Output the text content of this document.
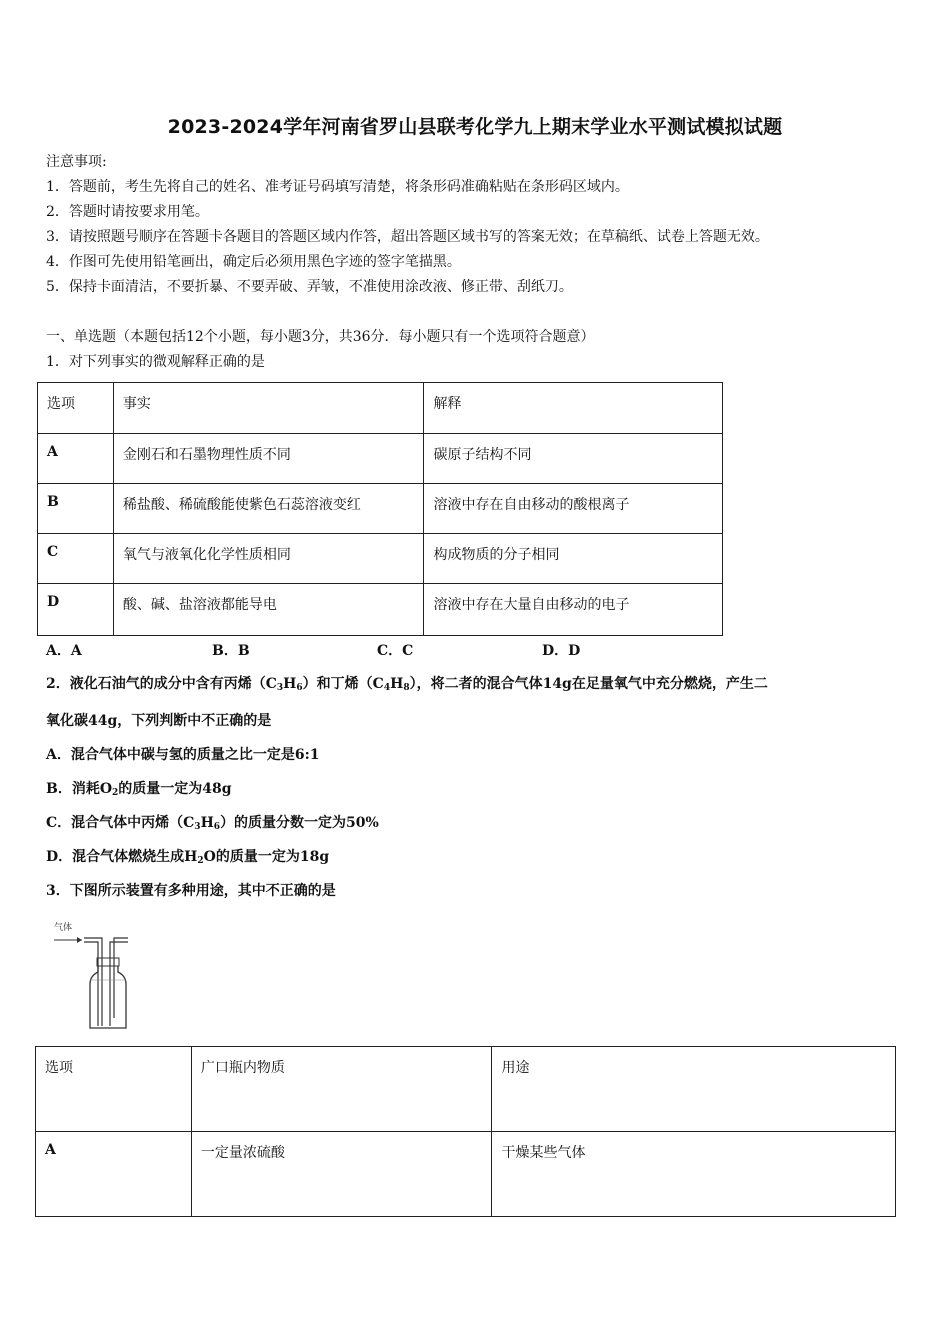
2023-2024学年河南省罗山县联考化学九上期末学业水平测试模拟试题
注意事项:
1．答题前，考生先将自己的姓名、准考证号码填写清楚，将条形码准确粘贴在条形码区域内。
2．答题时请按要求用笔。
3．请按照题号顺序在答题卡各题目的答题区域内作答，超出答题区域书写的答案无效；在草稿纸、试卷上答题无效。
4．作图可先使用铅笔画出，确定后必须用黑色字迹的签字笔描黑。
5．保持卡面清洁，不要折暴、不要弄破、弄皱，不准使用涂改液、修正带、刮纸刀。
一、单选题（本题包括12个小题，每小题3分，共36分．每小题只有一个选项符合题意）
1．对下列事实的微观解释正确的是
选项	事实	解释
A	金刚石和石墨物理性质不同	碳原子结构不同
B	稀盐酸、稀硫酸能使紫色石蕊溶液变红	溶液中存在自由移动的酸根离子
C	氧气与液氧化化学性质相同	构成物质的分子相同
D	酸、碱、盐溶液都能导电	溶液中存在大量自由移动的电子
A．A	B．B	C．C	D．D
2．液化石油气的成分中含有丙烯$(C_3H_6)$和丁烯$(C_4H_8)$，将二者的混合气体14g在足量氧气中充分燃烧，产生二
氧化碳44g，下列判断中不正确的是
A．混合气体中碳与氢的质量之比一定是6:1
B．消耗$O_2$的质量一定为48g
C．混合气体中丙烯$(C_3H_6)$的质量分数一定为50%
D．混合气体燃烧生成$H_2O$的质量一定为18g
3．下图所示装置有多种用途，其中不正确的是
气体
选项	广口瓶内物质	用途
A	一定量浓硫酸	干燥某些气体
